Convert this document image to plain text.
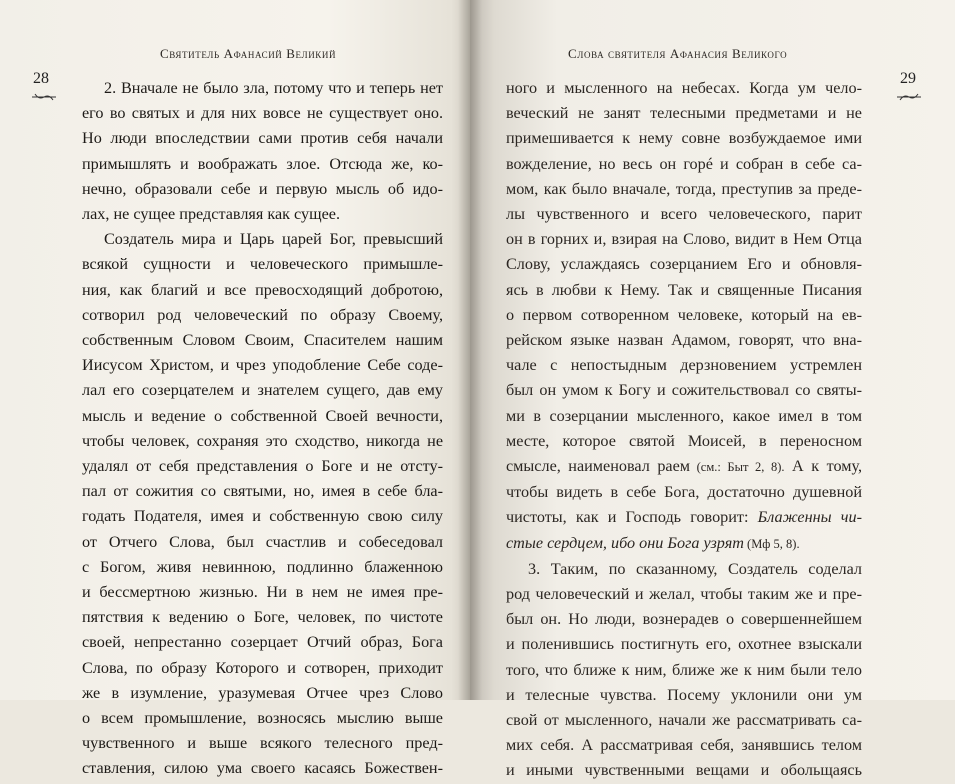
Святитель Афанасий Великий
28
2. Вначале не было зла, потому что и теперь нет
его во святых и для них вовсе не существует оно.
Но люди впоследствии сами против себя начали
примышлять и воображать злое. Отсюда же, ко-
нечно, образовали себе и первую мысль об идо-
лах, не сущее представляя как сущее.
Создатель мира и Царь царей Бог, превысший
всякой сущности и человеческого примышле-
ния, как благий и все превосходящий добротою,
сотворил род человеческий по образу Своему,
собственным Словом Своим, Спасителем нашим
Иисусом Христом, и чрез уподобление Себе соде-
лал его созерцателем и знателем сущего, дав ему
мысль и ведение о собственной Своей вечности,
чтобы человек, сохраняя это сходство, никогда не
удалял от себя представления о Боге и не отсту-
пал от сожития со святыми, но, имея в себе бла-
годать Подателя, имея и собственную свою силу
от Отчего Слова, был счастлив и собеседовал
с Богом, живя невинною, подлинно блаженною
и бессмертною жизнью. Ни в нем не имея пре-
пятствия к ведению о Боге, человек, по чистоте
своей, непрестанно созерцает Отчий образ, Бога
Слова, по образу Которого и сотворен, приходит
же в изумление, уразумевая Отчее чрез Слово
о всем промышление, возносясь мыслию выше
чувственного и выше всякого телесного пред-
ставления, силою ума своего касаясь Божествен-
Слова святителя Афанасия Великого
29
ного и мысленного на небесах. Когда ум чело-
веческий не занят телесными предметами и не
примешивается к нему совне возбуждаемое ими
вожделение, но весь он горé и собран в себе са-
мом, как было вначале, тогда, преступив за преде-
лы чувственного и всего человеческого, парит
он в горних и, взирая на Слово, видит в Нем Отца
Слову, услаждаясь созерцанием Его и обновля-
ясь в любви к Нему. Так и священные Писания
о первом сотворенном человеке, который на ев-
рейском языке назван Адамом, говорят, что вна-
чале с непостыдным дерзновением устремлен
был он умом к Богу и сожительствовал со святы-
ми в созерцании мысленного, какое имел в том
месте, которое святой Моисей, в переносном
смысле, наименовал раем (см.: Быт 2, 8). А к тому,
чтобы видеть в себе Бога, достаточно душевной
чистоты, как и Господь говорит: Блаженны чи-
стые сердцем, ибо они Бога узрят (Мф 5, 8).
3. Таким, по сказанному, Создатель соделал
род человеческий и желал, чтобы таким же и пре-
был он. Но люди, вознерадев о совершеннейшем
и поленившись постигнуть его, охотнее взыскали
того, что ближе к ним, ближе же к ним были тело
и телесные чувства. Посему уклонили они ум
свой от мысленного, начали же рассматривать са-
мих себя. А рассматривая себя, занявшись телом
и иными чувственными вещами и обольщаясь
